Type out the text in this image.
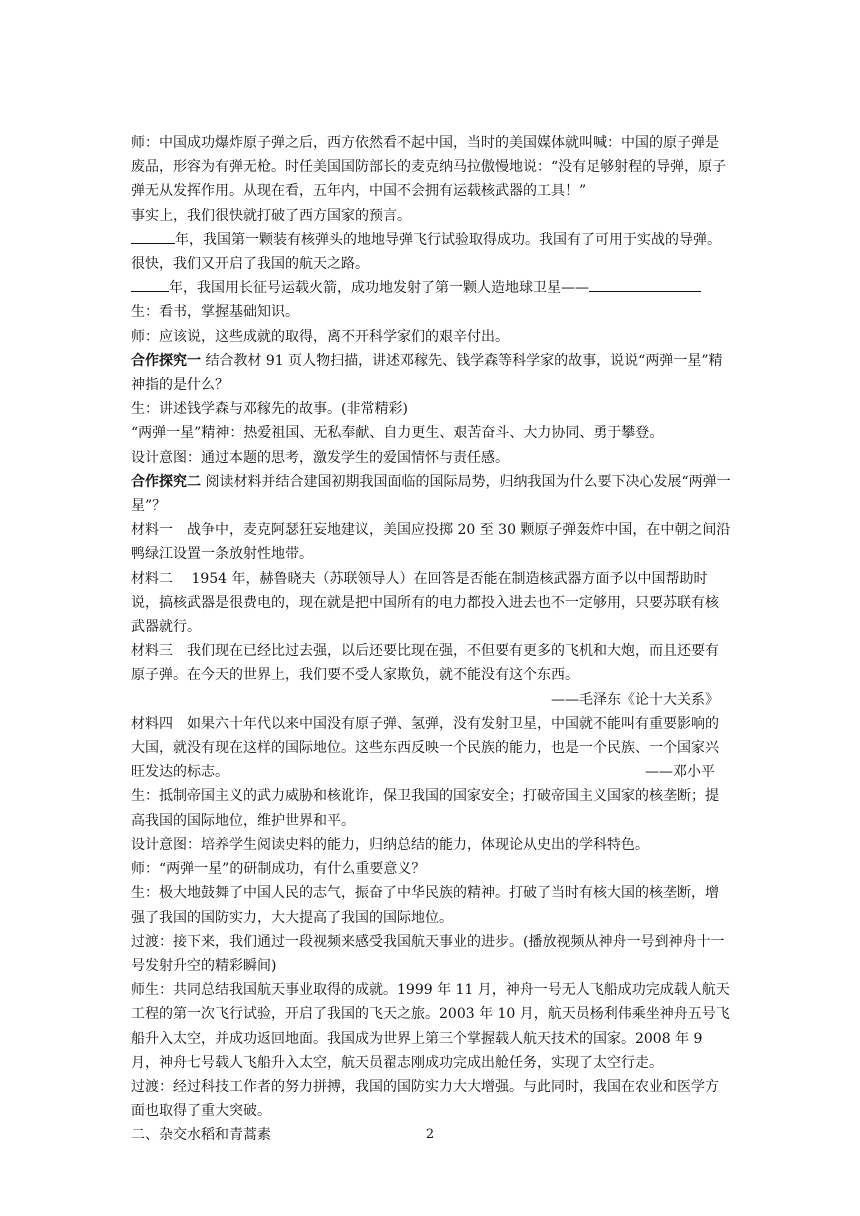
师：中国成功爆炸原子弹之后，西方依然看不起中国，当时的美国媒体就叫喊：中国的原子弹是废品，形容为有弹无枪。时任美国国防部长的麦克纳马拉傲慢地说：“没有足够射程的导弹，原子弹无从发挥作用。从现在看，五年内，中国不会拥有运载核武器的工具！”

事实上，我们很快就打破了西方国家的预言。

年，我国第一颗装有核弹头的地地导弹飞行试验取得成功。我国有了可用于实战的导弹。

很快，我们又开启了我国的航天之路。

年，我国用长征号运载火箭，成功地发射了第一颗人造地球卫星——

生：看书，掌握基础知识。

师：应该说，这些成就的取得，离不开科学家们的艰辛付出。

合作探究一 结合教材 91 页人物扫描，讲述邓稼先、钱学森等科学家的故事，说说“两弹一星”精神指的是什么？

生：讲述钱学森与邓稼先的故事。(非常精彩)

“两弹一星”精神：热爱祖国、无私奉献、自力更生、艰苦奋斗、大力协同、勇于攀登。

设计意图：通过本题的思考，激发学生的爱国情怀与责任感。

合作探究二 阅读材料并结合建国初期我国面临的国际局势，归纳我国为什么要下决心发展“两弹一星”？

材料一　战争中，麦克阿瑟狂妄地建议，美国应投掷 20 至 30 颗原子弹轰炸中国，在中朝之间沿鸭绿江设置一条放射性地带。

材料二　 1954 年，赫鲁晓夫（苏联领导人）在回答是否能在制造核武器方面予以中国帮助时说，搞核武器是很费电的，现在就是把中国所有的电力都投入进去也不一定够用，只要苏联有核武器就行。

材料三　我们现在已经比过去强，以后还要比现在强，不但要有更多的飞机和大炮，而且还要有原子弹。在今天的世界上，我们要不受人家欺负，就不能没有这个东西。

——毛泽东《论十大关系》

材料四　如果六十年代以来中国没有原子弹、氢弹，没有发射卫星，中国就不能叫有重要影响的大国，就没有现在这样的国际地位。这些东西反映一个民族的能力，也是一个民族、一个国家兴旺发达的标志。	——邓小平

生：抵制帝国主义的武力威胁和核讹诈，保卫我国的国家安全；打破帝国主义国家的核垄断；提高我国的国际地位，维护世界和平。

设计意图：培养学生阅读史料的能力，归纳总结的能力，体现论从史出的学科特色。

师：“两弹一星”的研制成功，有什么重要意义？

生：极大地鼓舞了中国人民的志气，振奋了中华民族的精神。打破了当时有核大国的核垄断，增强了我国的国防实力，大大提高了我国的国际地位。

过渡：接下来，我们通过一段视频来感受我国航天事业的进步。(播放视频从神舟一号到神舟十一号发射升空的精彩瞬间)

师生：共同总结我国航天事业取得的成就。1999 年 11 月，神舟一号无人飞船成功完成载人航天工程的第一次飞行试验，开启了我国的飞天之旅。2003 年 10 月，航天员杨利伟乘坐神舟五号飞船升入太空，并成功返回地面。我国成为世界上第三个掌握载人航天技术的国家。2008 年 9 月，神舟七号载人飞船升入太空，航天员翟志刚成功完成出舱任务，实现了太空行走。

过渡：经过科技工作者的努力拼搏，我国的国防实力大大增强。与此同时，我国在农业和医学方面也取得了重大突破。

二、杂交水稻和青蒿素	2
